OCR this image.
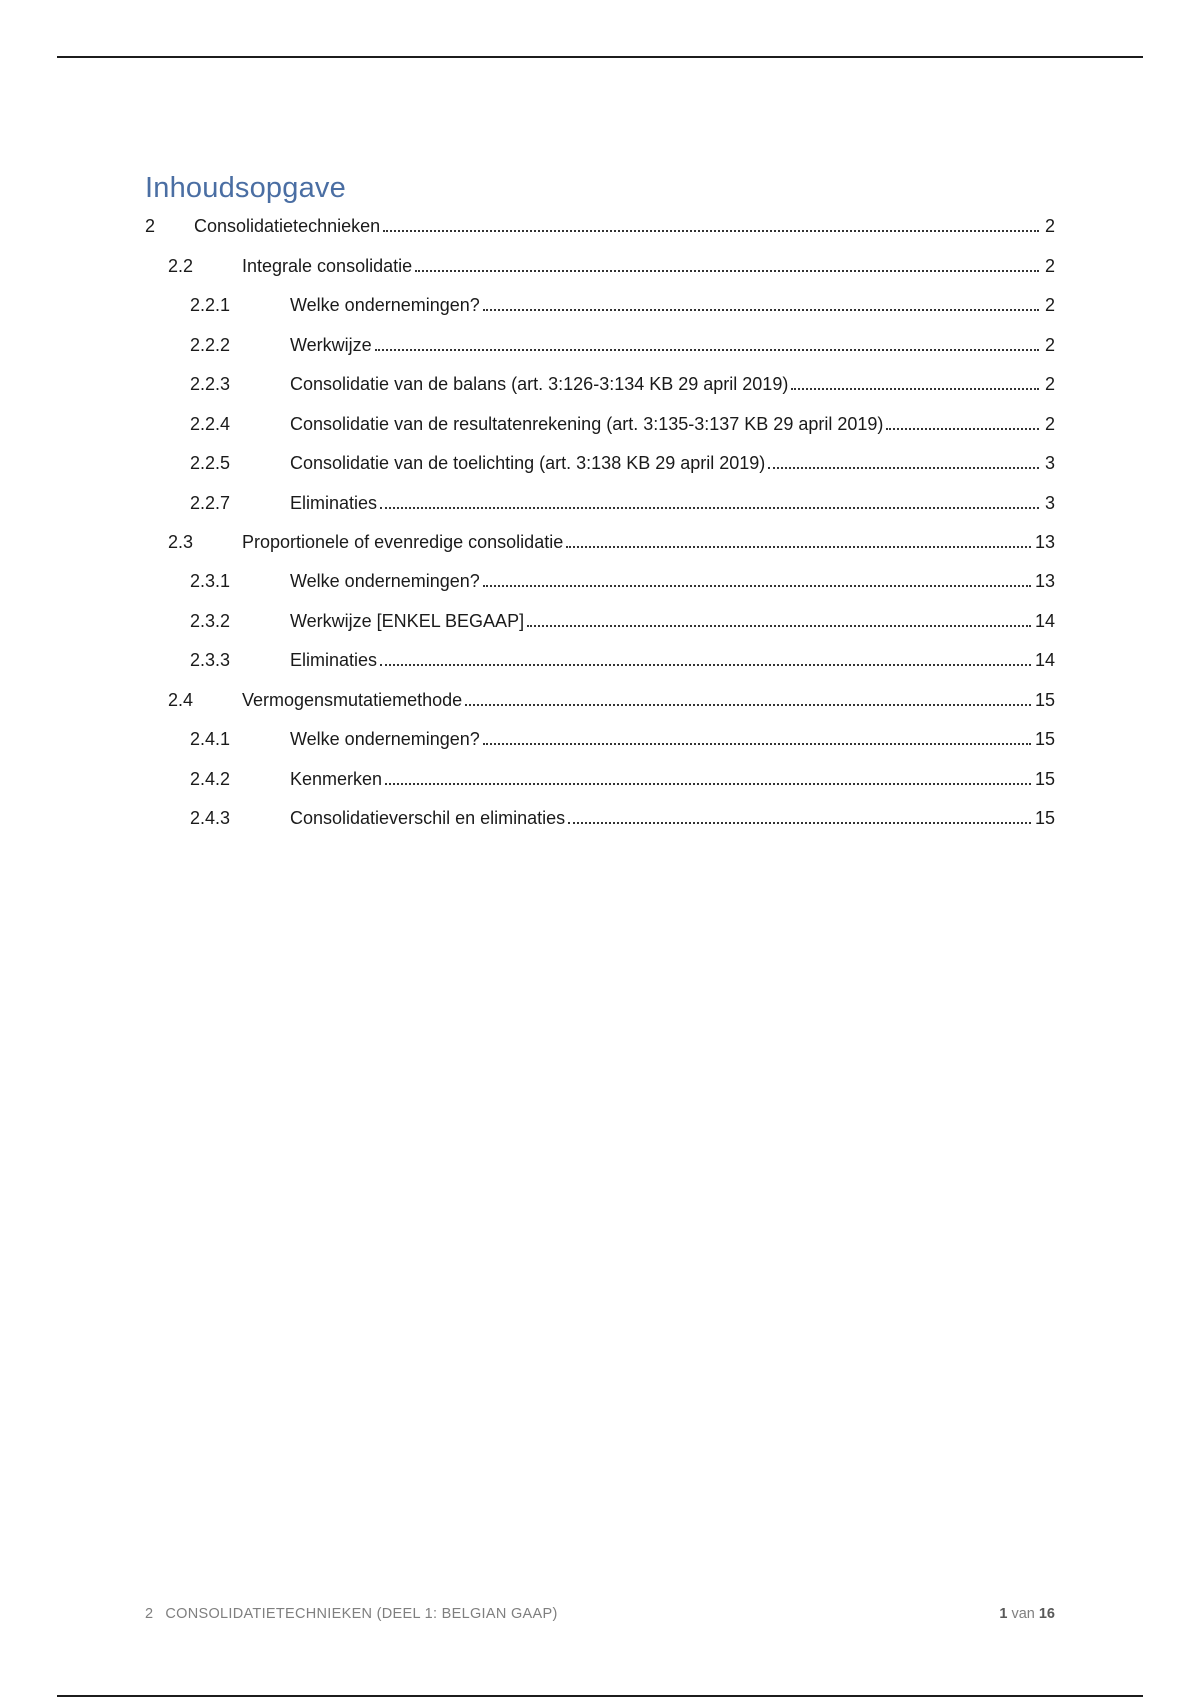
Inhoudsopgave
2 Consolidatietechnieken	2
2.2	Integrale consolidatie	2
2.2.1	Welke ondernemingen?	2
2.2.2	Werkwijze	2
2.2.3	Consolidatie van de balans (art. 3:126-3:134 KB 29 april 2019)	2
2.2.4	Consolidatie van de resultatenrekening (art. 3:135-3:137 KB 29 april 2019)	2
2.2.5	Consolidatie van de toelichting (art. 3:138 KB 29 april 2019)	3
2.2.7	Eliminaties	3
2.3	Proportionele of evenredige consolidatie	13
2.3.1	Welke ondernemingen?	13
2.3.2	Werkwijze [ENKEL BEGAAP]	14
2.3.3	Eliminaties	14
2.4	Vermogensmutatiemethode	15
2.4.1	Welke ondernemingen?	15
2.4.2	Kenmerken	15
2.4.3	Consolidatieverschil en eliminaties	15
2 CONSOLIDATIETECHNIEKEN (DEEL 1: BELGIAN GAAP)	1 van 16
